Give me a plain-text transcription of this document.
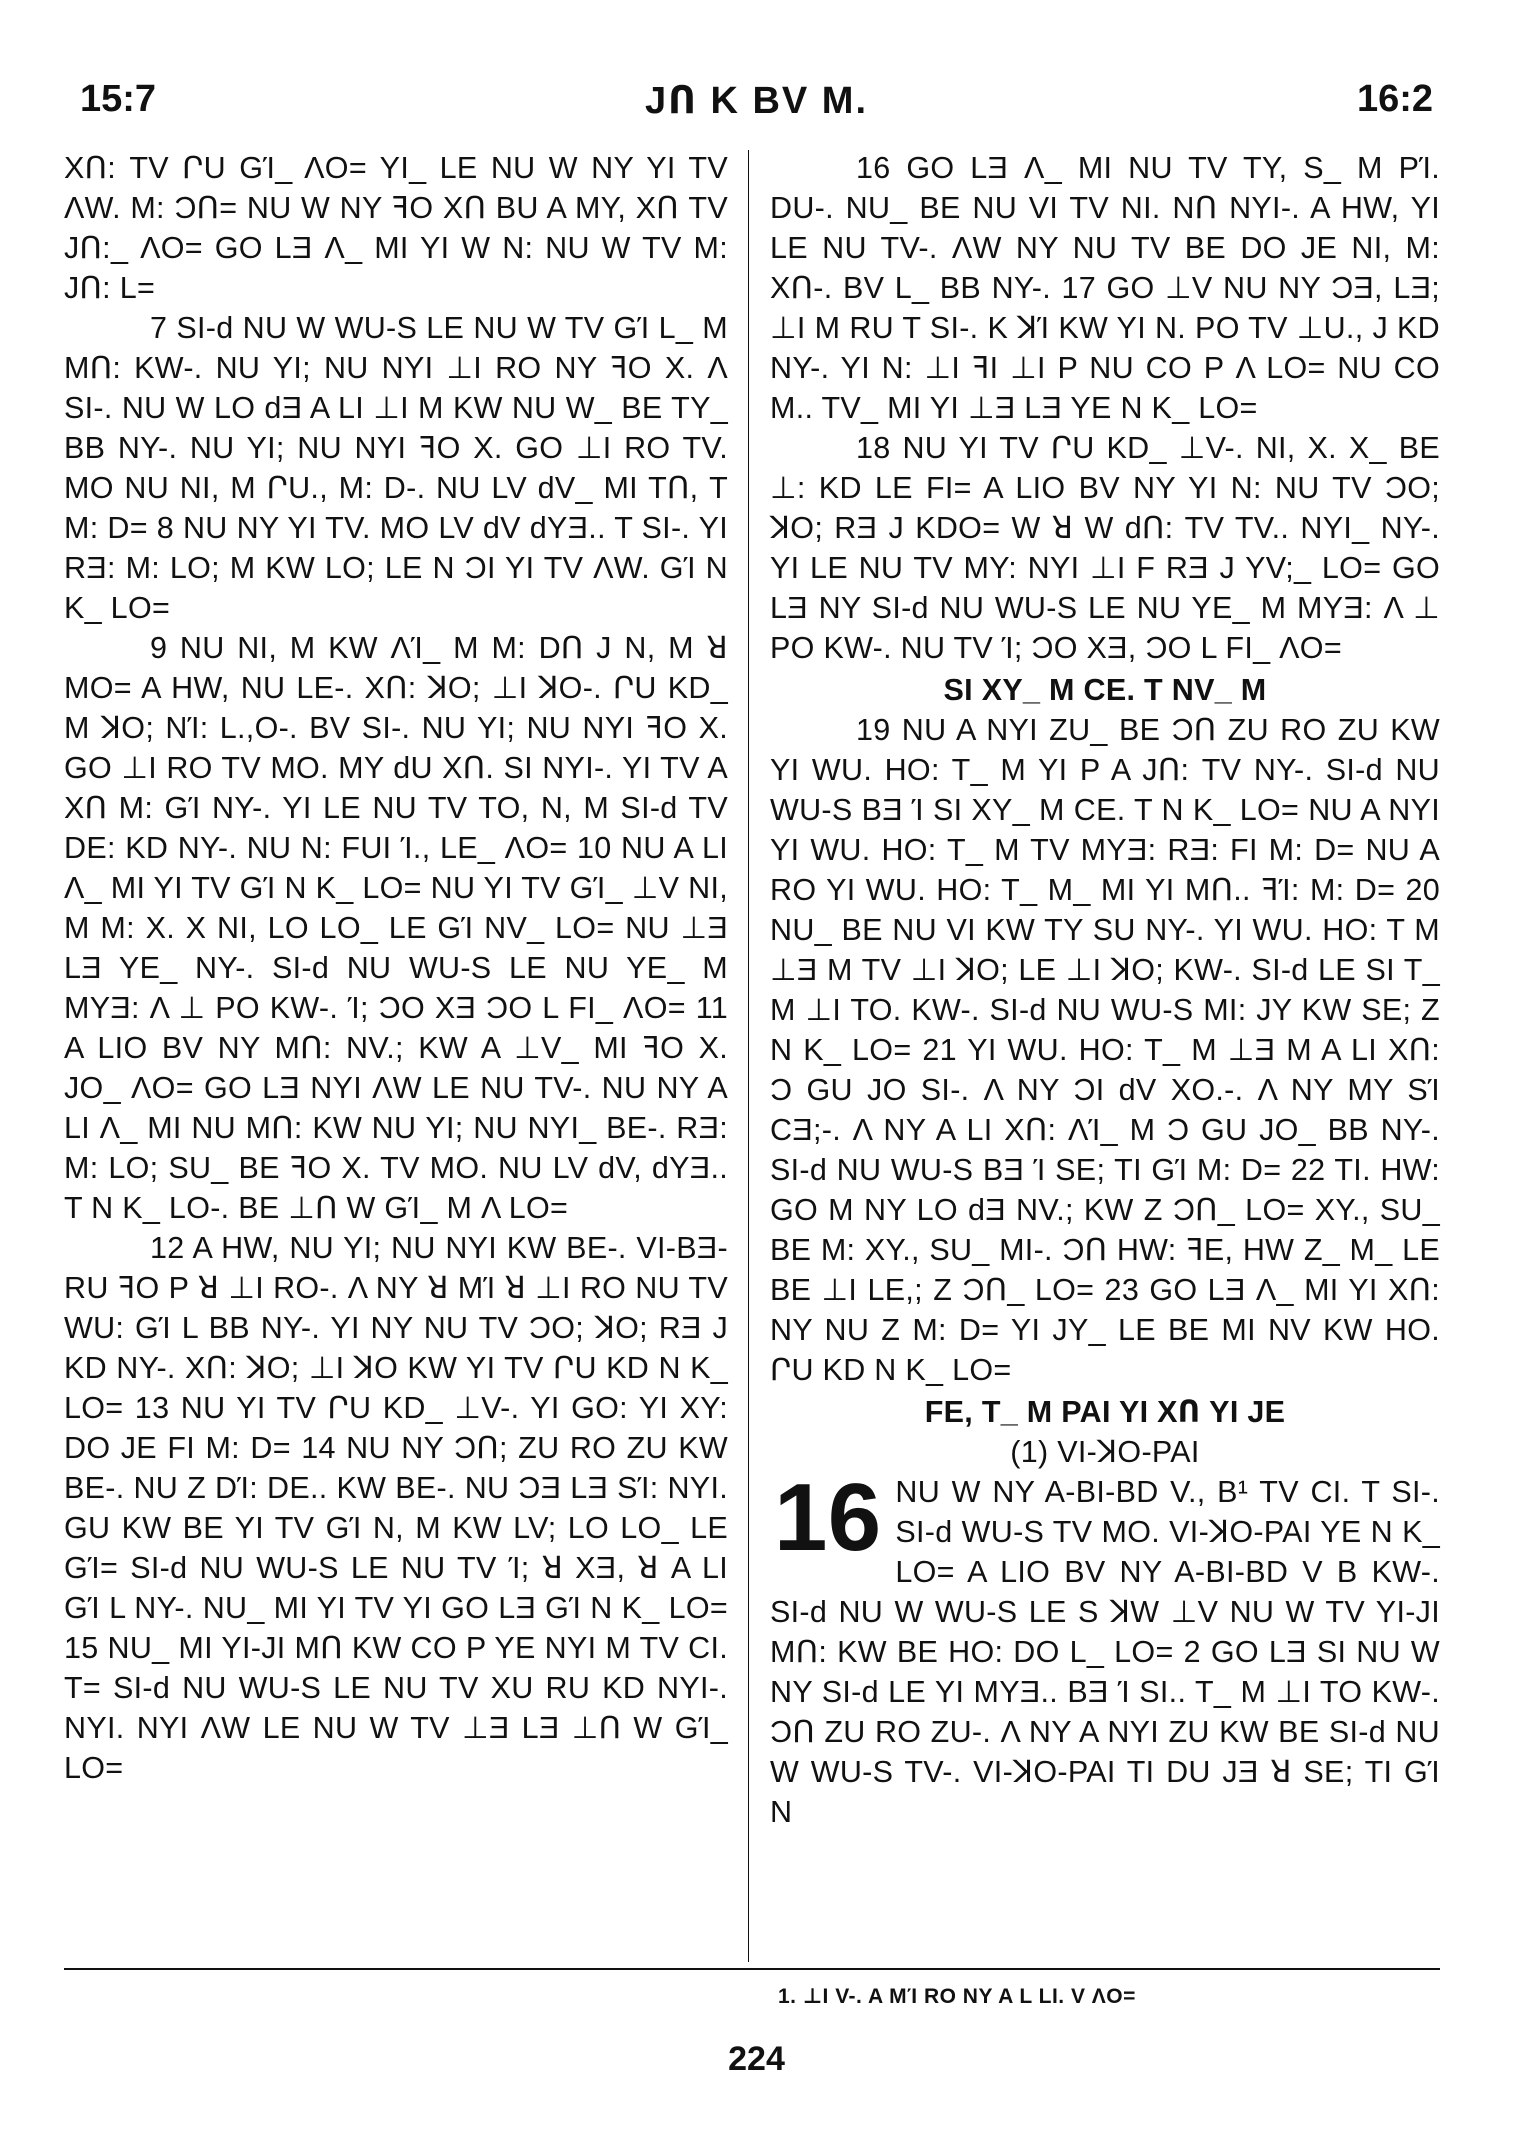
15:7	JՈ K BV M.	16:2

XՈ: TV ՐU GΊ_ ΛO= YI_ LE NU W NY YI TV ΛW. M: ϽՈ= NU W NY ꟻO XՈ BU A MY, XՈ TV JՈ:_ ΛO= GO LƎ Λ_ MI YI W N: NU W TV M: JՈ: L=

7 SI-d NU W WU-S LE NU W TV GΊ L_ M MՈ: KW-. NU YI; NU NYI ⊥I RO NY ꟻO X. Λ SI-. NU W LO dƎ A LI ⊥I M KW NU W_ BE TY_ BB NY-. NU YI; NU NYI ꟻO X. GO ⊥I RO TV. MO NU NI, M ՐU., M: D-. NU LV dV_ MI TՈ, T M: D= 8 NU NY YI TV. MO LV dV dYƎ.. T SI-. YI RƎ: M: LO; M KW LO; LE N ϽI YI TV ΛW. GΊ N K_ LO=

9 NU NI, M KW ΛΊ_ M M: DՈ J N, M ꓤ MO= A HW, NU LE-. XՈ: ꓘO; ⊥I ꓘO-. ՐU KD_ M ꓘO; NΊ: L.,O-. BV SI-. NU YI; NU NYI ꟻO X. GO ⊥I RO TV MO. MY dU XՈ. SI NYI-. YI TV A XՈ M: GΊ NY-. YI LE NU TV TO, N, M SI-d TV DE: KD NY-. NU N: FUI Ί., LE_ ΛO= 10 NU A LI Λ_ MI YI TV GΊ N K_ LO= NU YI TV GΊ_ ⊥V NI, M M: X. X NI, LO LO_ LE GΊ NV_ LO= NU ⊥Ǝ LƎ YE_ NY-. SI-d NU WU-S LE NU YE_ M MYƎ: Λ ⊥ PO KW-. Ί; ϽO XƎ ϽO L FI_ ΛO= 11 A LIO BV NY MՈ: NV.; KW A ⊥V_ MI ꟻO X. JO_ ΛO= GO LƎ NYI ΛW LE NU TV-. NU NY A LI Λ_ MI NU MՈ: KW NU YI; NU NYI_ BE-. RƎ: M: LO; SU_ BE ꟻO X. TV MO. NU LV dV, dYƎ.. T N K_ LO-. BE ⊥Ո W GΊ_ M Λ LO=

12 A HW, NU YI; NU NYI KW BE-. VI-BƎ-RU ꟻO P ꓤ ⊥I RO-. Λ NY ꓤ MΊ ꓤ ⊥I RO NU TV WU: GΊ L BB NY-. YI NY NU TV ϽO; ꓘO; RƎ J KD NY-. XՈ: ꓘO; ⊥I ꓘO KW YI TV ՐU KD N K_ LO= 13 NU YI TV ՐU KD_ ⊥V-. YI GO: YI XY: DO JE FI M: D= 14 NU NY ϽՈ; ZU RO ZU KW BE-. NU Z DΊ: DE.. KW BE-. NU ϽƎ LƎ SΊ: NYI. GU KW BE YI TV GΊ N, M KW LV; LO LO_ LE GΊ= SI-d NU WU-S LE NU TV Ί; ꓤ XƎ, ꓤ A LI GΊ L NY-. NU_ MI YI TV YI GO LƎ GΊ N K_ LO= 15 NU_ MI YI-JI MՈ KW CO P YE NYI M TV CI. T= SI-d NU WU-S LE NU TV XU RU KD NYI-. NYI. NYI ΛW LE NU W TV ⊥Ǝ LƎ ⊥Ո W GΊ_ LO=

16 GO LƎ Λ_ MI NU TV TY, S_ M PΊ. DU-. NU_ BE NU VI TV NI. NՈ NYI-. A HW, YI LE NU TV-. ΛW NY NU TV BE DO JE NI, M: XՈ-. BV L_ BB NY-. 17 GO ⊥V NU NY ϽƎ, LƎ; ⊥I M RU T SI-. K ꓘΊ KW YI N. PO TV ⊥U., J KD NY-. YI N: ⊥I ꟻI ⊥I P NU CO P Λ LO= NU CO M.. TV_ MI YI ⊥Ǝ LƎ YE N K_ LO=

18 NU YI TV ՐU KD_ ⊥V-. NI, X. X_ BE ⊥: KD LE FI= A LIO BV NY YI N: NU TV ϽO; ꓘO; RƎ J KDO= W ꓤ W dՈ: TV TV.. NYI_ NY-. YI LE NU TV MY: NYI ⊥I F RƎ J YV;_ LO= GO LƎ NY SI-d NU WU-S LE NU YE_ M MYƎ: Λ ⊥ PO KW-. NU TV Ί; ϽO XƎ, ϽO L FI_ ΛO=

SI XY_ M CE. T NV_ M

19 NU A NYI ZU_ BE ϽՈ ZU RO ZU KW YI WU. HO: T_ M YI P A JՈ: TV NY-. SI-d NU WU-S BƎ Ί SI XY_ M CE. T N K_ LO= NU A NYI YI WU. HO: T_ M TV MYƎ: RƎ: FI M: D= NU A RO YI WU. HO: T_ M_ MI YI MՈ.. ꟻΊ: M: D= 20 NU_ BE NU VI KW TY SU NY-. YI WU. HO: T M ⊥Ǝ M TV ⊥I ꓘO; LE ⊥I ꓘO; KW-. SI-d LE SI T_ M ⊥I TO. KW-. SI-d NU WU-S MI: JY KW SE; Z N K_ LO= 21 YI WU. HO: T_ M ⊥Ǝ M A LI XՈ: Ͻ GU JO SI-. Λ NY ϽI dV XO.-. Λ NY MY SΊ CƎ;-. Λ NY A LI XՈ: ΛΊ_ M Ͻ GU JO_ BB NY-. SI-d NU WU-S BƎ Ί SE; TI GΊ M: D= 22 TI. HW: GO M NY LO dƎ NV.; KW Z ϽՈ_ LO= XY., SU_ BE M: XY., SU_ MI-. ϽՈ HW: ꟻE, HW Z_ M_ LE BE ⊥I LE,; Z ϽՈ_ LO= 23 GO LƎ Λ_ MI YI XՈ: NY NU Z M: D= YI JY_ LE BE MI NV KW HO. ՐU KD N K_ LO=

FE, T_ M PAI YI XՈ YI JE

(1) VI-ꓘO-PAI

16 NU W NY A-BI-BD V., B¹ TV CI. T SI-. SI-d WU-S TV MO. VI-ꓘO-PAI YE N K_ LO= A LIO BV NY A-BI-BD V B KW-. SI-d NU W WU-S LE S ꓘW ⊥V NU W TV YI-JI MՈ: KW BE HO: DO L_ LO= 2 GO LƎ SI NU W NY SI-d LE YI MYƎ.. BƎ Ί SI.. T_ M ⊥I TO KW-. ϽՈ ZU RO ZU-. Λ NY A NYI ZU KW BE SI-d NU W WU-S TV-. VI-ꓘO-PAI TI DU JƎ ꓤ SE; TI GΊ N

1. ⊥I V-. A MΊ RO NY A L LI. V ΛO=
224
